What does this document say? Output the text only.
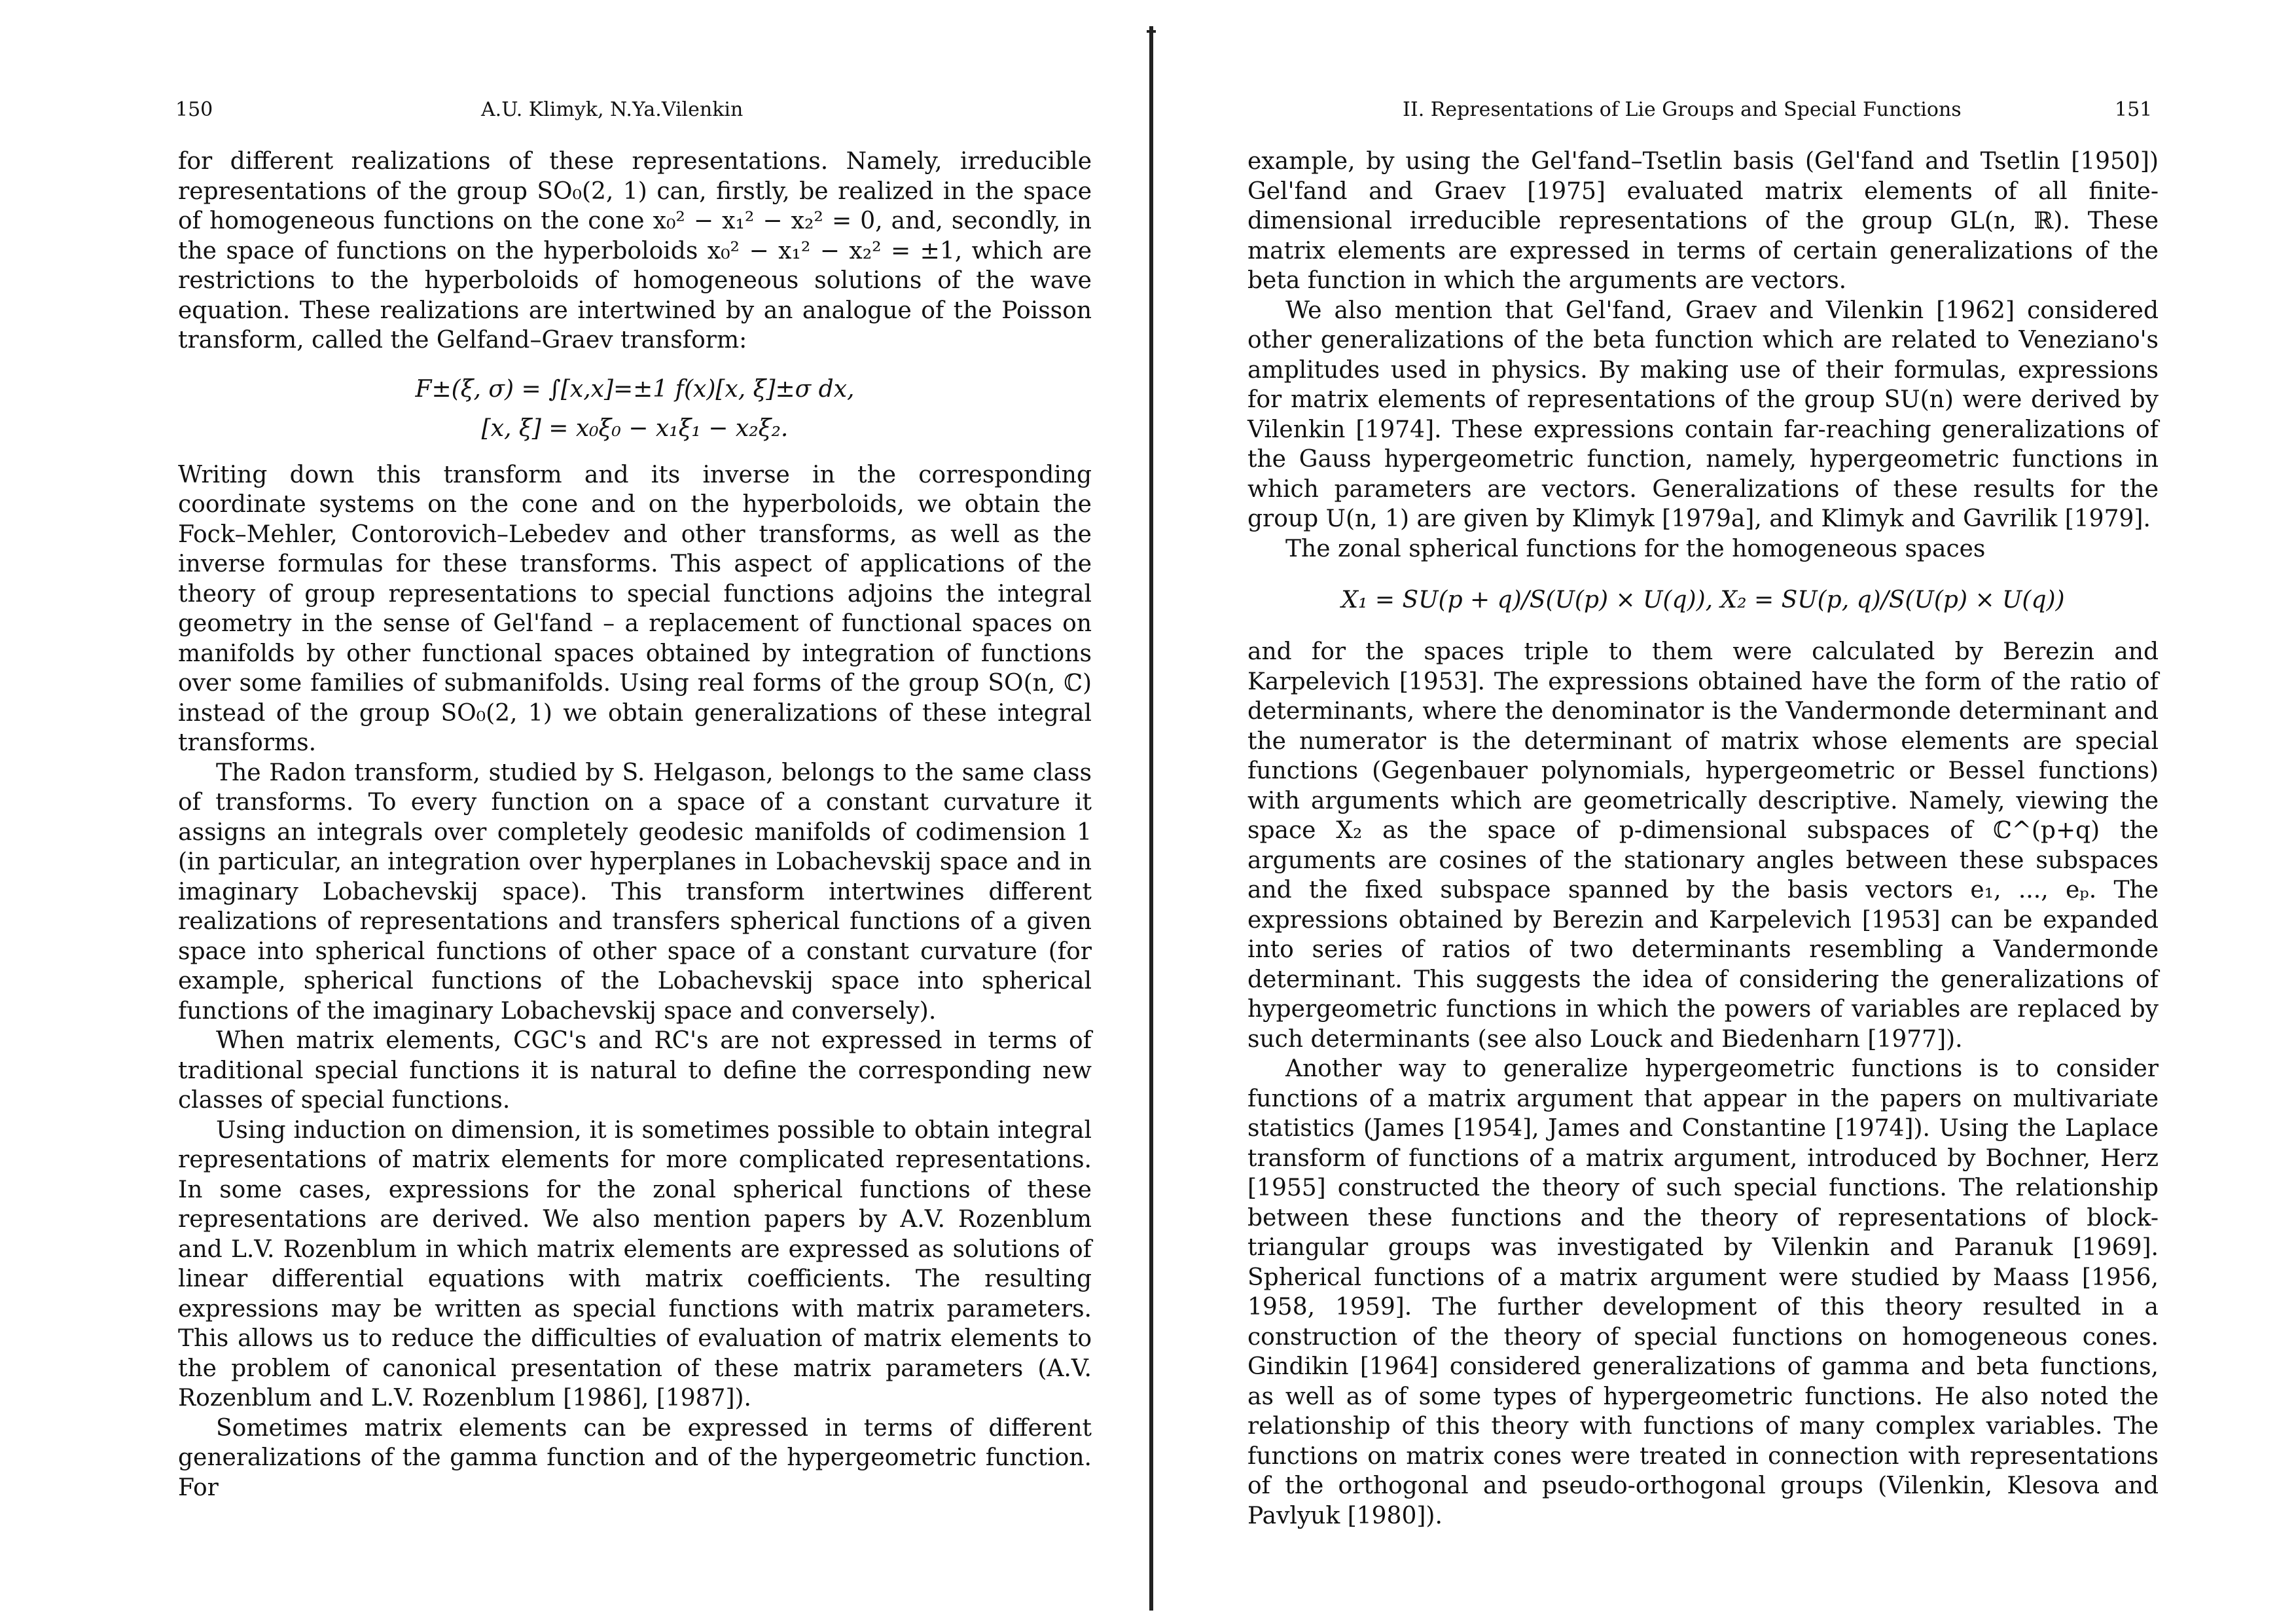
150	A.U. Klimyk, N.Ya.Vilenkin

for different realizations of these representations. Namely, irreducible representations of the group SO₀(2, 1) can, firstly, be realized in the space of homogeneous functions on the cone x₀² − x₁² − x₂² = 0, and, secondly, in the space of functions on the hyperboloids x₀² − x₁² − x₂² = ±1, which are restrictions to the hyperboloids of homogeneous solutions of the wave equation. These realizations are intertwined by an analogue of the Poisson transform, called the Gelfand–Graev transform:

F±(ξ, σ) = ∫[x,x]=±1 f(x)[x, ξ]±σ dx,
[x, ξ] = x₀ξ₀ − x₁ξ₁ − x₂ξ₂.

Writing down this transform and its inverse in the corresponding coordinate systems on the cone and on the hyperboloids, we obtain the Fock–Mehler, Contorovich–Lebedev and other transforms, as well as the inverse formulas for these transforms. This aspect of applications of the theory of group representations to special functions adjoins the integral geometry in the sense of Gel'fand – a replacement of functional spaces on manifolds by other functional spaces obtained by integration of functions over some families of submanifolds. Using real forms of the group SO(n, ℂ) instead of the group SO₀(2, 1) we obtain generalizations of these integral transforms.

The Radon transform, studied by S. Helgason, belongs to the same class of transforms. To every function on a space of a constant curvature it assigns an integrals over completely geodesic manifolds of codimension 1 (in particular, an integration over hyperplanes in Lobachevskij space and in imaginary Lobachevskij space). This transform intertwines different realizations of representations and transfers spherical functions of a given space into spherical functions of other space of a constant curvature (for example, spherical functions of the Lobachevskij space into spherical functions of the imaginary Lobachevskij space and conversely).

When matrix elements, CGC's and RC's are not expressed in terms of traditional special functions it is natural to define the corresponding new classes of special functions.

Using induction on dimension, it is sometimes possible to obtain integral representations of matrix elements for more complicated representations. In some cases, expressions for the zonal spherical functions of these representations are derived. We also mention papers by A.V. Rozenblum and L.V. Rozenblum in which matrix elements are expressed as solutions of linear differential equations with matrix coefficients. The resulting expressions may be written as special functions with matrix parameters. This allows us to reduce the difficulties of evaluation of matrix elements to the problem of canonical presentation of these matrix parameters (A.V. Rozenblum and L.V. Rozenblum [1986], [1987]).

Sometimes matrix elements can be expressed in terms of different generalizations of the gamma function and of the hypergeometric function. For

II. Representations of Lie Groups and Special Functions	151

example, by using the Gel'fand–Tsetlin basis (Gel'fand and Tsetlin [1950]) Gel'fand and Graev [1975] evaluated matrix elements of all finite-dimensional irreducible representations of the group GL(n, ℝ). These matrix elements are expressed in terms of certain generalizations of the beta function in which the arguments are vectors.

We also mention that Gel'fand, Graev and Vilenkin [1962] considered other generalizations of the beta function which are related to Veneziano's amplitudes used in physics. By making use of their formulas, expressions for matrix elements of representations of the group SU(n) were derived by Vilenkin [1974]. These expressions contain far-reaching generalizations of the Gauss hypergeometric function, namely, hypergeometric functions in which parameters are vectors. Generalizations of these results for the group U(n, 1) are given by Klimyk [1979a], and Klimyk and Gavrilik [1979].

The zonal spherical functions for the homogeneous spaces

X₁ = SU(p + q)/S(U(p) × U(q)), X₂ = SU(p, q)/S(U(p) × U(q))

and for the spaces triple to them were calculated by Berezin and Karpelevich [1953]. The expressions obtained have the form of the ratio of determinants, where the denominator is the Vandermonde determinant and the numerator is the determinant of matrix whose elements are special functions (Gegenbauer polynomials, hypergeometric or Bessel functions) with arguments which are geometrically descriptive. Namely, viewing the space X₂ as the space of p-dimensional subspaces of ℂ^(p+q) the arguments are cosines of the stationary angles between these subspaces and the fixed subspace spanned by the basis vectors e₁, ..., eₚ. The expressions obtained by Berezin and Karpelevich [1953] can be expanded into series of ratios of two determinants resembling a Vandermonde determinant. This suggests the idea of considering the generalizations of hypergeometric functions in which the powers of variables are replaced by such determinants (see also Louck and Biedenharn [1977]).

Another way to generalize hypergeometric functions is to consider functions of a matrix argument that appear in the papers on multivariate statistics (James [1954], James and Constantine [1974]). Using the Laplace transform of functions of a matrix argument, introduced by Bochner, Herz [1955] constructed the theory of such special functions. The relationship between these functions and the theory of representations of block-triangular groups was investigated by Vilenkin and Paranuk [1969]. Spherical functions of a matrix argument were studied by Maass [1956, 1958, 1959]. The further development of this theory resulted in a construction of the theory of special functions on homogeneous cones. Gindikin [1964] considered generalizations of gamma and beta functions, as well as of some types of hypergeometric functions. He also noted the relationship of this theory with functions of many complex variables. The functions on matrix cones were treated in connection with representations of the orthogonal and pseudo-orthogonal groups (Vilenkin, Klesova and Pavlyuk [1980]).
